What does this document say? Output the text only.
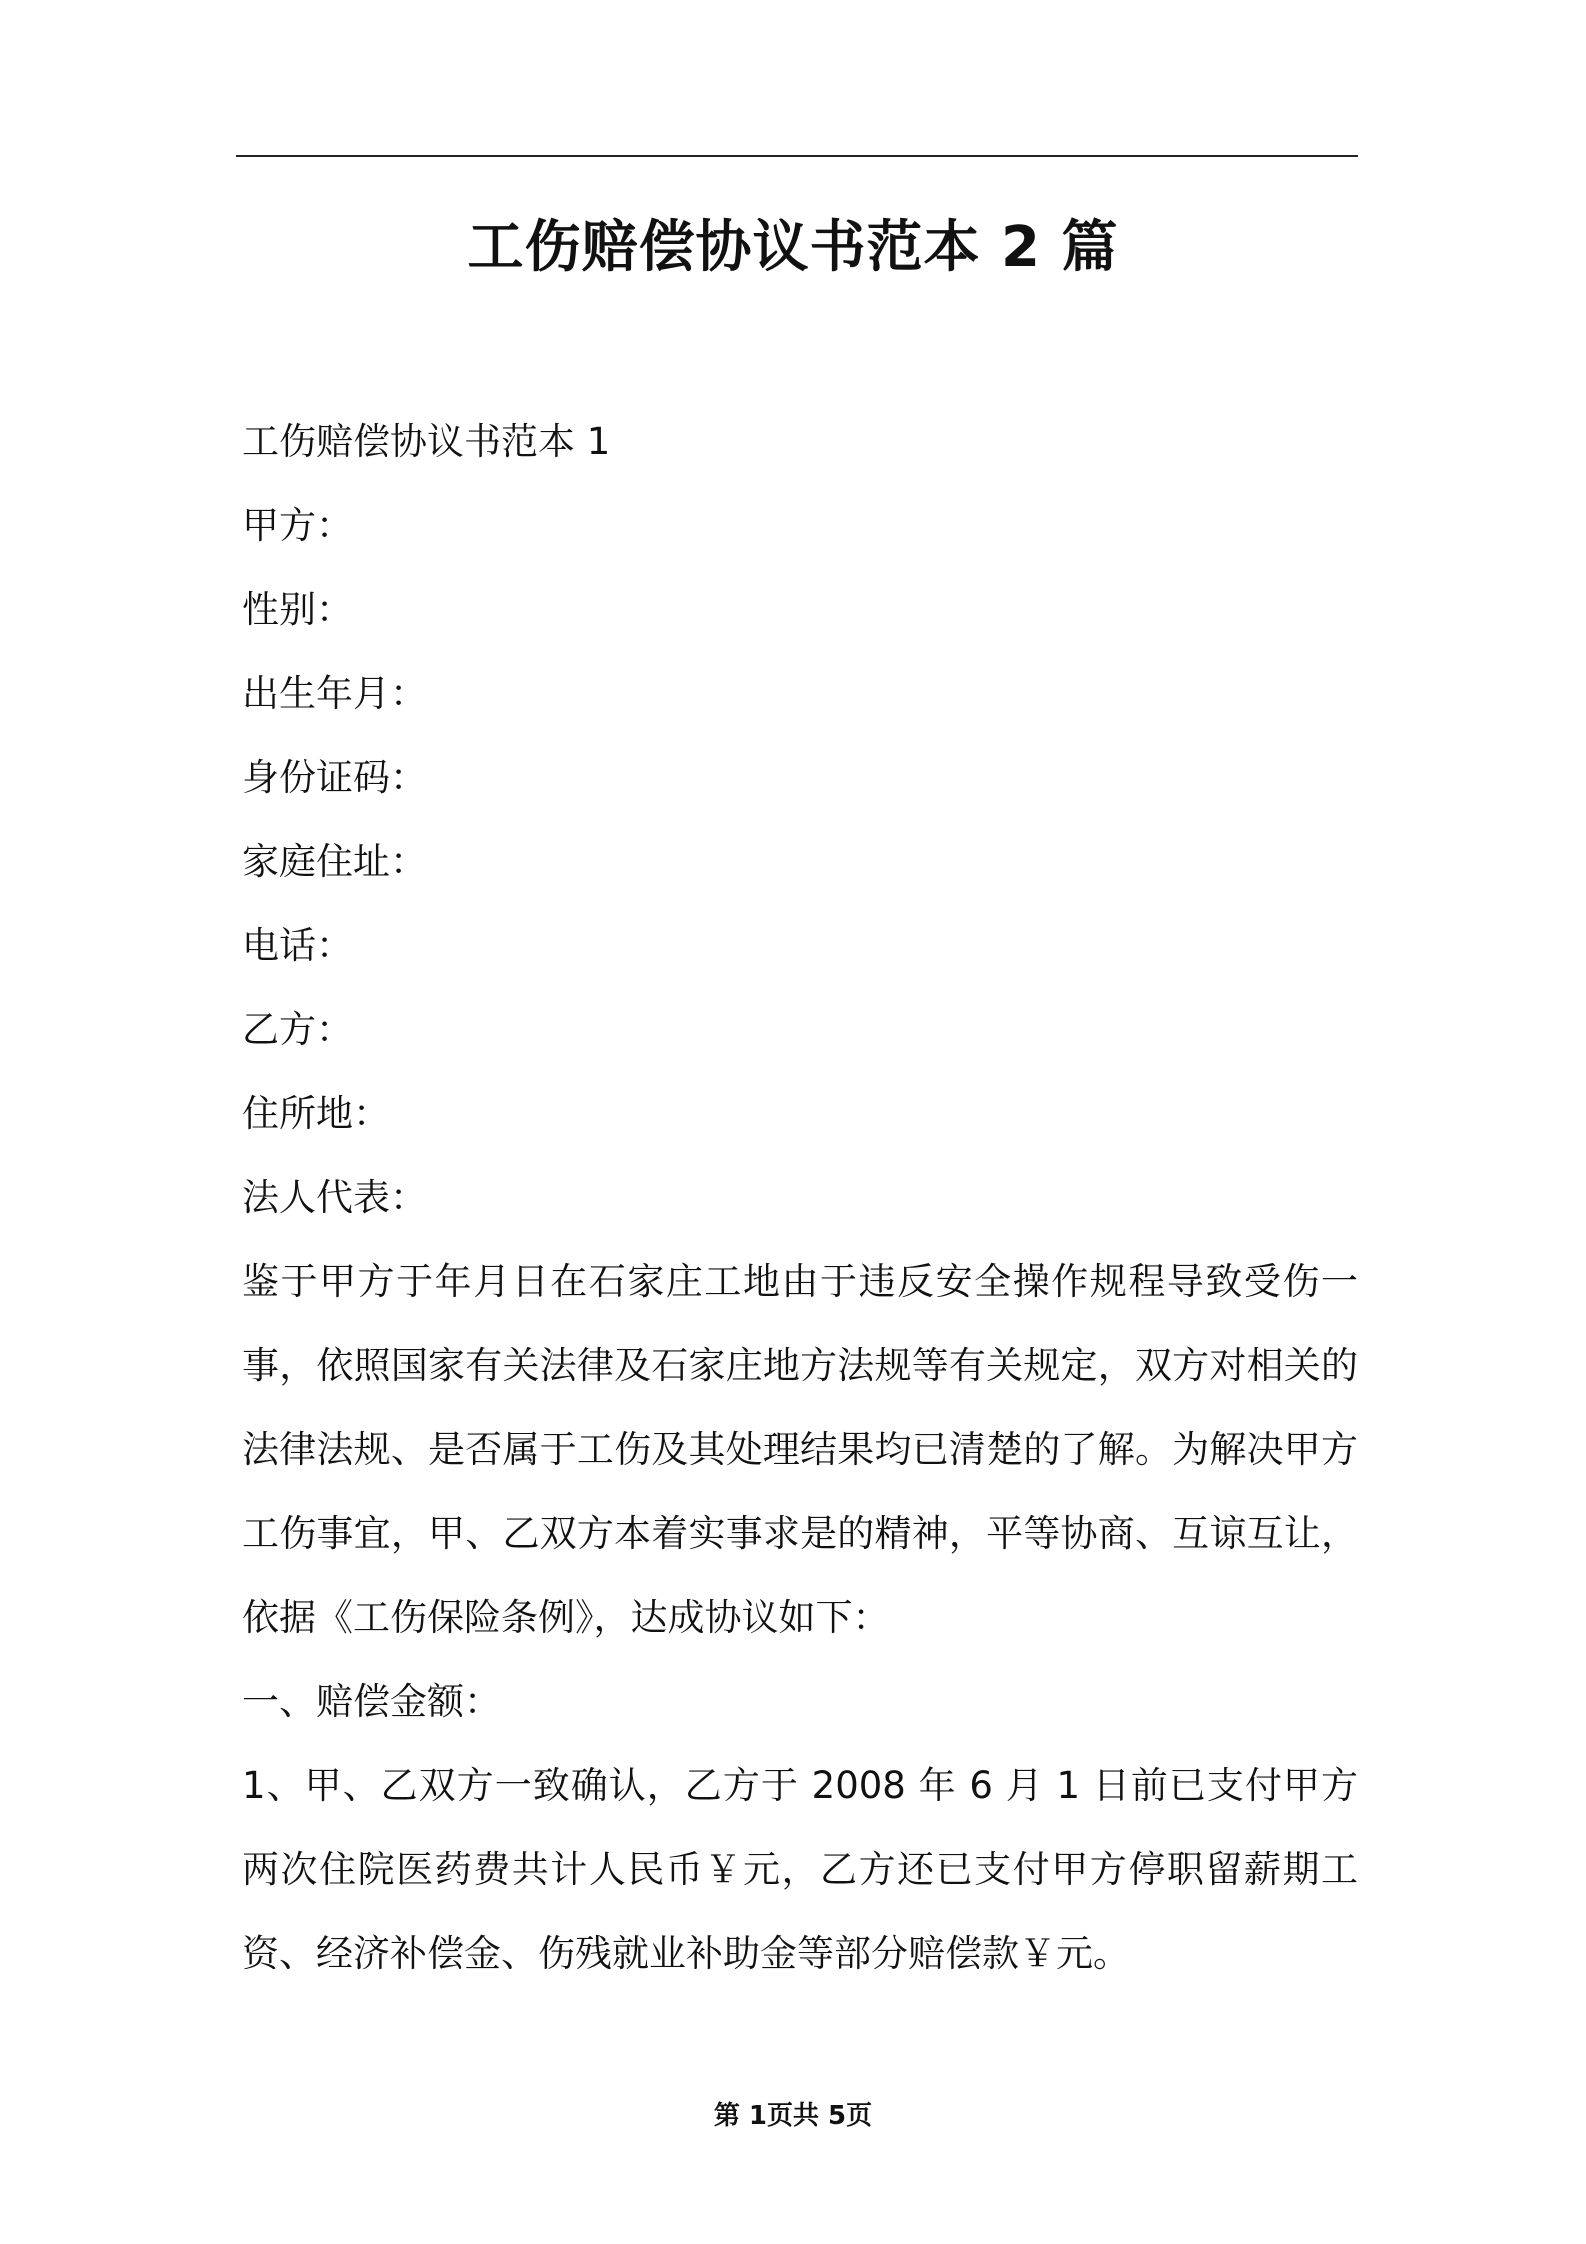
工伤赔偿协议书范本 2 篇
工伤赔偿协议书范本 1
甲方：
性别：
出生年月：
身份证码：
家庭住址：
电话：
乙方：
住所地：
法人代表：
鉴于甲方于年月日在石家庄工地由于违反安全操作规程导致受伤一事，依照国家有关法律及石家庄地方法规等有关规定，双方对相关的法律法规、是否属于工伤及其处理结果均已清楚的了解。为解决甲方工伤事宜，甲、乙双方本着实事求是的精神，平等协商、互谅互让，依据《工伤保险条例》，达成协议如下：
一、赔偿金额：
1、甲、乙双方一致确认，乙方于 2008 年 6 月 1 日前已支付甲方两次住院医药费共计人民币￥元，乙方还已支付甲方停职留薪期工资、经济补偿金、伤残就业补助金等部分赔偿款￥元。
第 1页共 5页
